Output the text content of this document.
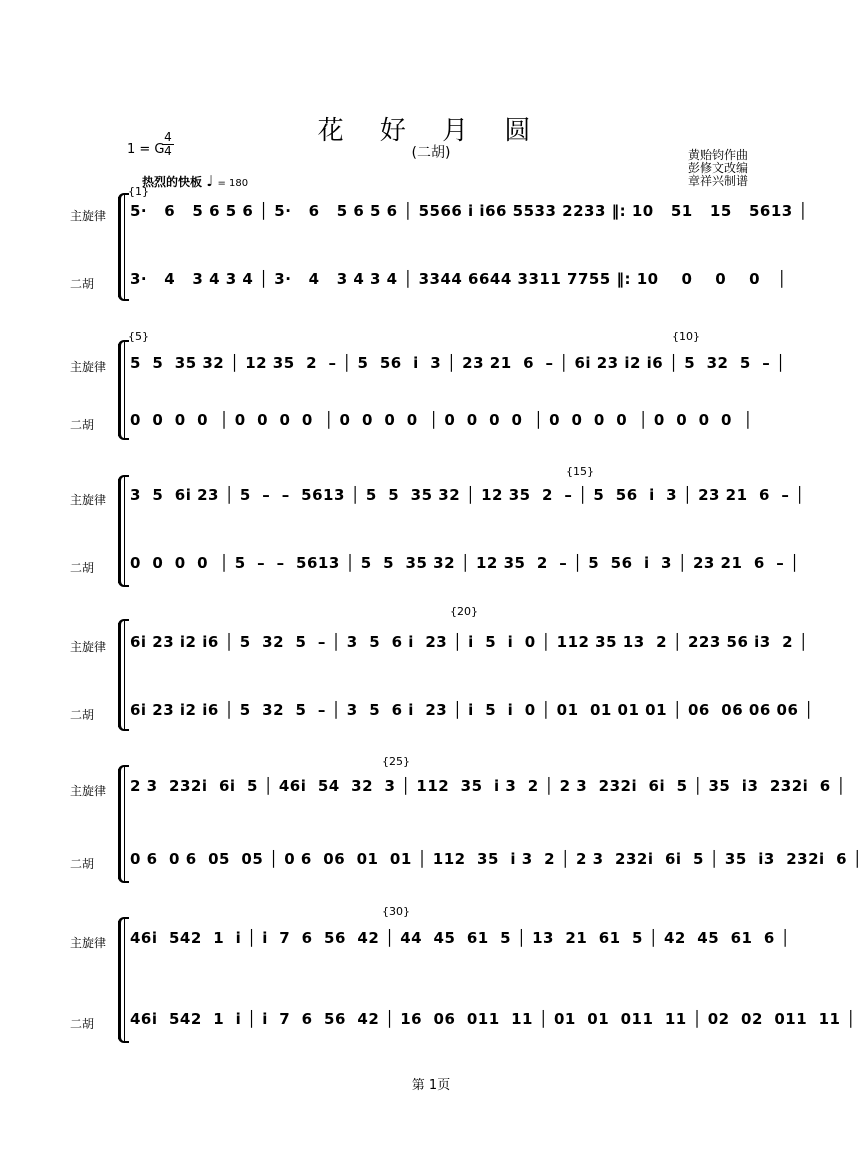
花 好 月 圆
(二胡)
1 = G
4
4
热烈的快板 ♩ = 180
黄贻钧作曲
彭修文改编
章祥兴制谱
{1}
主旋律
二胡
5·   6   5 6 5 6 │ 5·   6   5 6 5 6 │ 5566 i i66 5533 2233 ‖: 10   51   15   5613 │
3·   4   3 4 3 4 │ 3·   4   3 4 3 4 │ 3344 6644 3311 7755 ‖: 10    0    0    0   │
{5}	{10}
主旋律
二胡
5  5  35 32 │ 12 35  2  – │ 5  56  i  3 │ 23 21  6  – │ 6i 23 i2 i6 │ 5  32  5  – │
0  0  0  0  │ 0  0  0  0  │ 0  0  0  0  │ 0  0  0  0  │ 0  0  0  0  │ 0  0  0  0  │
{15}
主旋律
二胡
3  5  6i 23 │ 5  –  –  5613 │ 5  5  35 32 │ 12 35  2  – │ 5  56  i  3 │ 23 21  6  – │
0  0  0  0  │ 5  –  –  5613 │ 5  5  35 32 │ 12 35  2  – │ 5  56  i  3 │ 23 21  6  – │
{20}
主旋律
二胡
6i 23 i2 i6 │ 5  32  5  – │ 3  5  6 i  23 │ i  5  i  0 │ 112 35 13  2 │ 223 56 i3  2 │
6i 23 i2 i6 │ 5  32  5  – │ 3  5  6 i  23 │ i  5  i  0 │ 01  01 01 01 │ 06  06 06 06 │
{25}
主旋律
二胡
2 3  232i  6i  5 │ 46i  54  32  3 │ 112  35  i 3  2 │ 2 3  232i  6i  5 │ 35  i3  232i  6 │
0 6  0 6  05  05 │ 0 6  06  01  01 │ 112  35  i 3  2 │ 2 3  232i  6i  5 │ 35  i3  232i  6 │
{30}
主旋律
二胡
46i  542  1  i │ i  7  6  56  42 │ 44  45  61  5 │ 13  21  61  5 │ 42  45  61  6 │
46i  542  1  i │ i  7  6  56  42 │ 16  06  011  11 │ 01  01  011  11 │ 02  02  011  11 │
第 1页
